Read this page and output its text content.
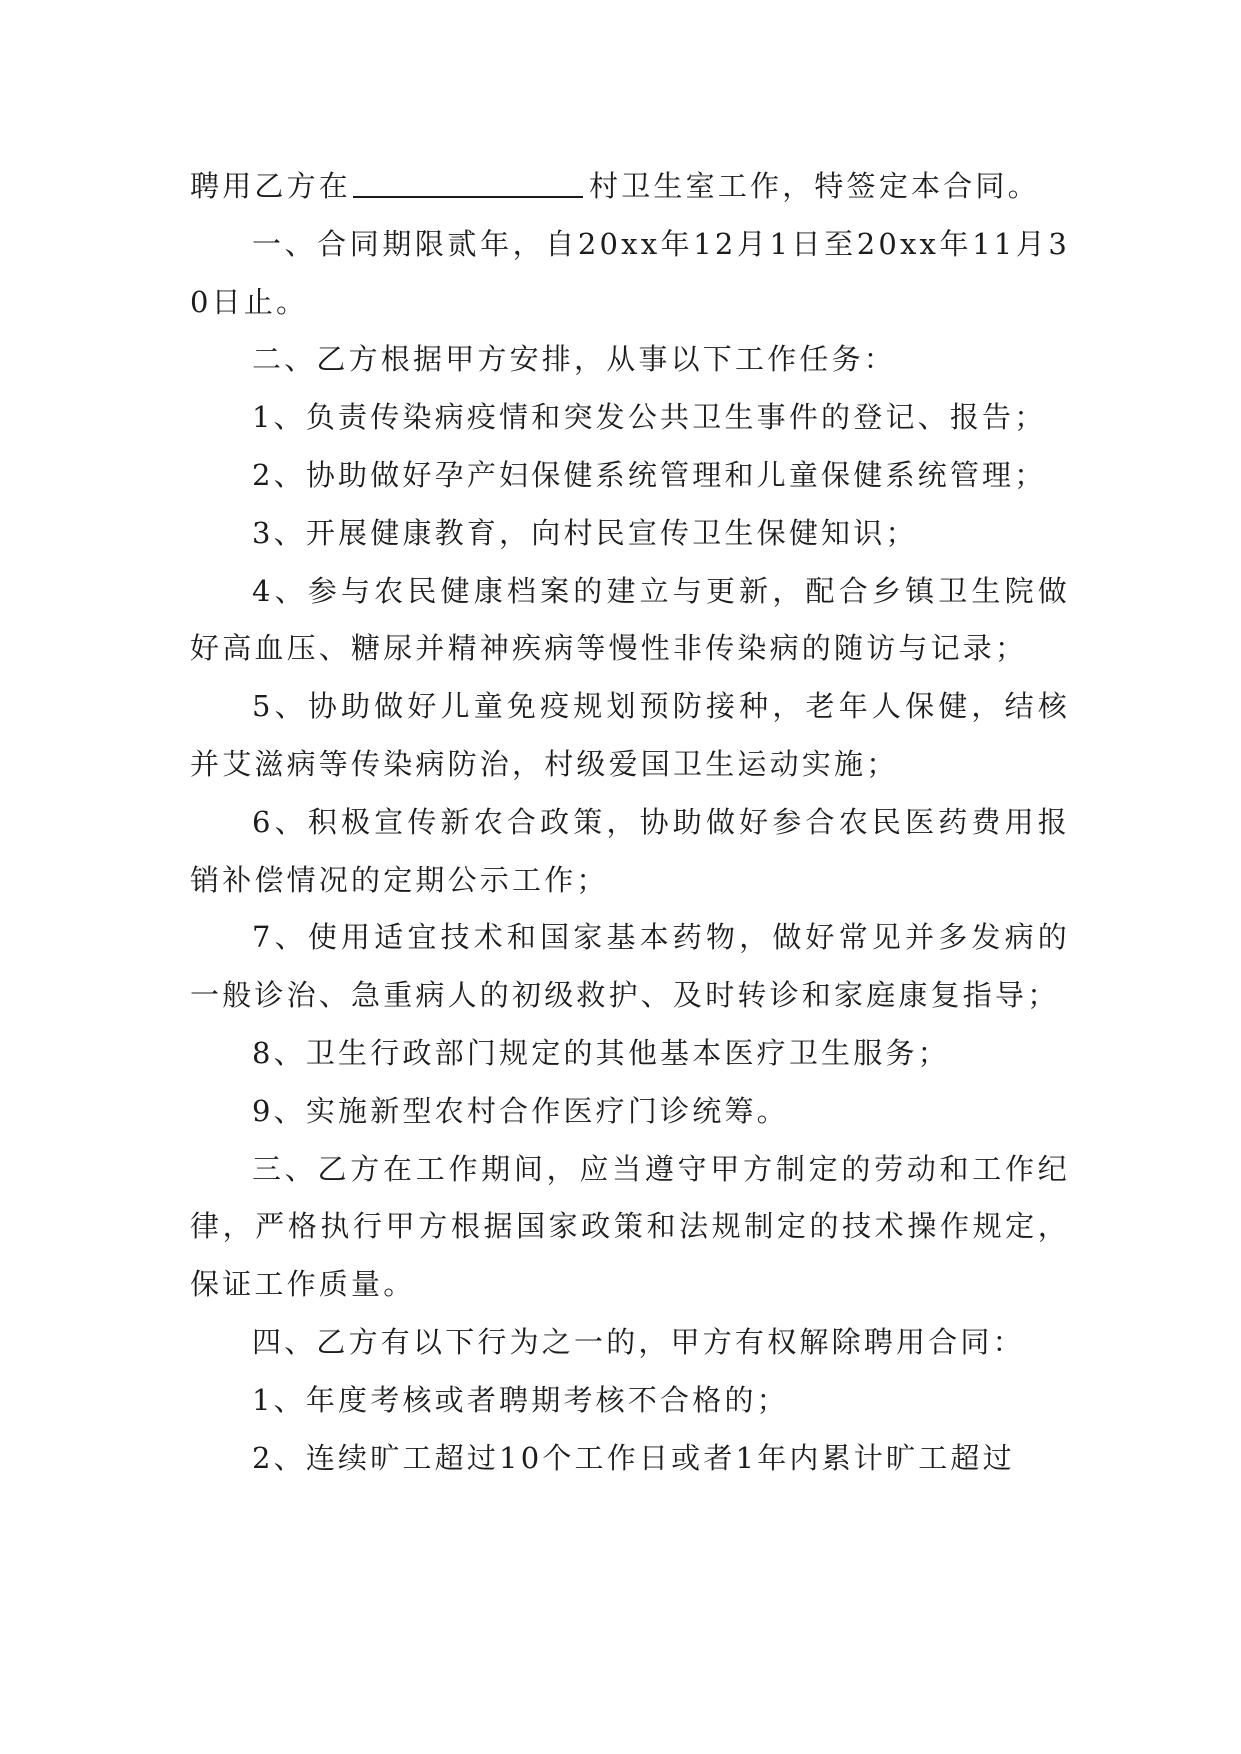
聘用乙方在	村卫生室工作，特签定本合同。

一、合同期限贰年，自20xx年12月1日至20xx年11月30日止。

二、乙方根据甲方安排，从事以下工作任务：

1、负责传染病疫情和突发公共卫生事件的登记、报告；

2、协助做好孕产妇保健系统管理和儿童保健系统管理；

3、开展健康教育，向村民宣传卫生保健知识；

4、参与农民健康档案的建立与更新，配合乡镇卫生院做好高血压、糖尿并精神疾病等慢性非传染病的随访与记录；

5、协助做好儿童免疫规划预防接种，老年人保健，结核并艾滋病等传染病防治，村级爱国卫生运动实施；

6、积极宣传新农合政策，协助做好参合农民医药费用报销补偿情况的定期公示工作；

7、使用适宜技术和国家基本药物，做好常见并多发病的一般诊治、急重病人的初级救护、及时转诊和家庭康复指导；

8、卫生行政部门规定的其他基本医疗卫生服务；

9、实施新型农村合作医疗门诊统筹。

三、乙方在工作期间，应当遵守甲方制定的劳动和工作纪律，严格执行甲方根据国家政策和法规制定的技术操作规定，保证工作质量。

四、乙方有以下行为之一的，甲方有权解除聘用合同：

1、年度考核或者聘期考核不合格的；

2、连续旷工超过10个工作日或者1年内累计旷工超过
